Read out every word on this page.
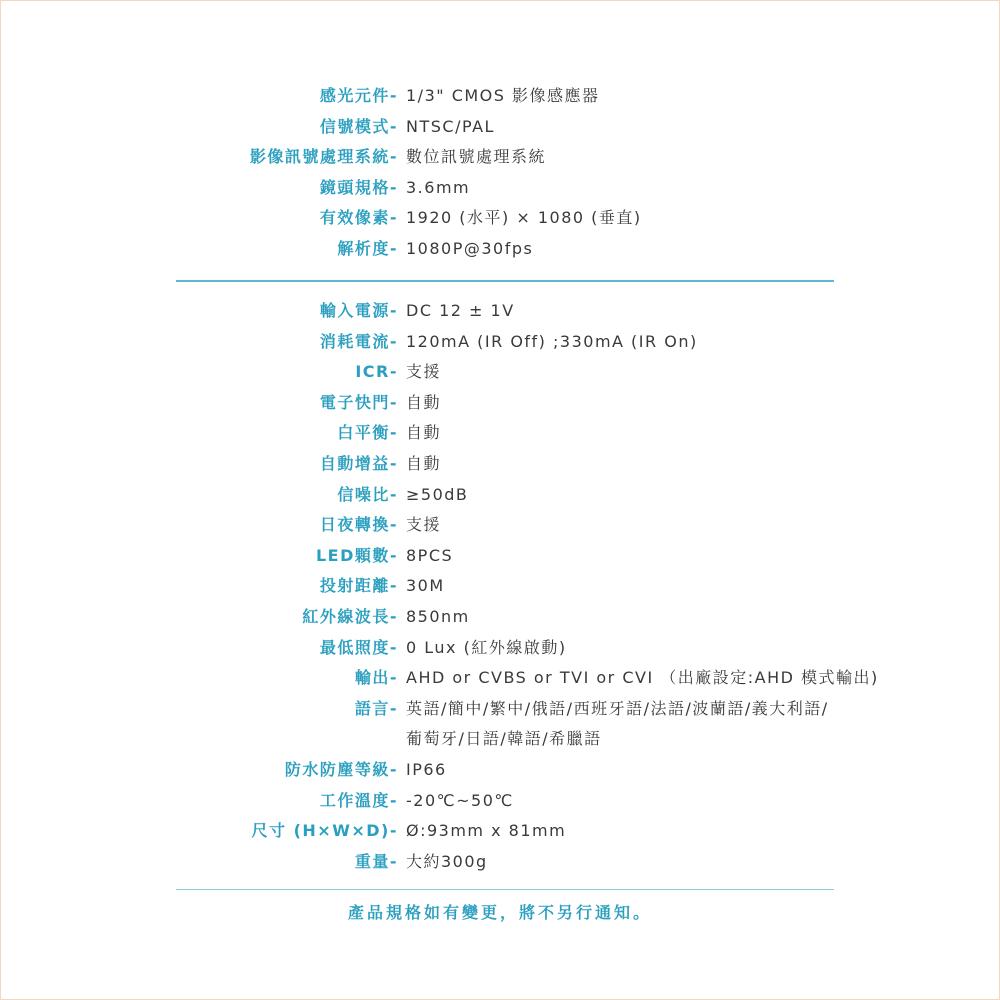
感光元件- 1/3" CMOS 影像感應器
信號模式- NTSC/PAL
影像訊號處理系統- 數位訊號處理系統
鏡頭規格- 3.6mm
有效像素- 1920 (水平) × 1080 (垂直)
解析度- 1080P@30fps
輸入電源- DC 12 ± 1V
消耗電流- 120mA (IR Off) ;330mA (IR On)
ICR- 支援
電子快門- 自動
白平衡- 自動
自動增益- 自動
信噪比- ≥50dB
日夜轉換- 支援
LED顆數- 8PCS
投射距離- 30M
紅外線波長- 850nm
最低照度- 0 Lux (紅外線啟動)
輸出- AHD or CVBS or TVI or CVI （出廠設定:AHD 模式輸出)
語言- 英語/簡中/繁中/俄語/西班牙語/法語/波蘭語/義大利語/
葡萄牙/日語/韓語/希臘語
防水防塵等級- IP66
工作溫度- -20℃~50℃
尺寸 (H×W×D)- Ø:93mm x 81mm
重量- 大約300g
產品規格如有變更，將不另行通知。
